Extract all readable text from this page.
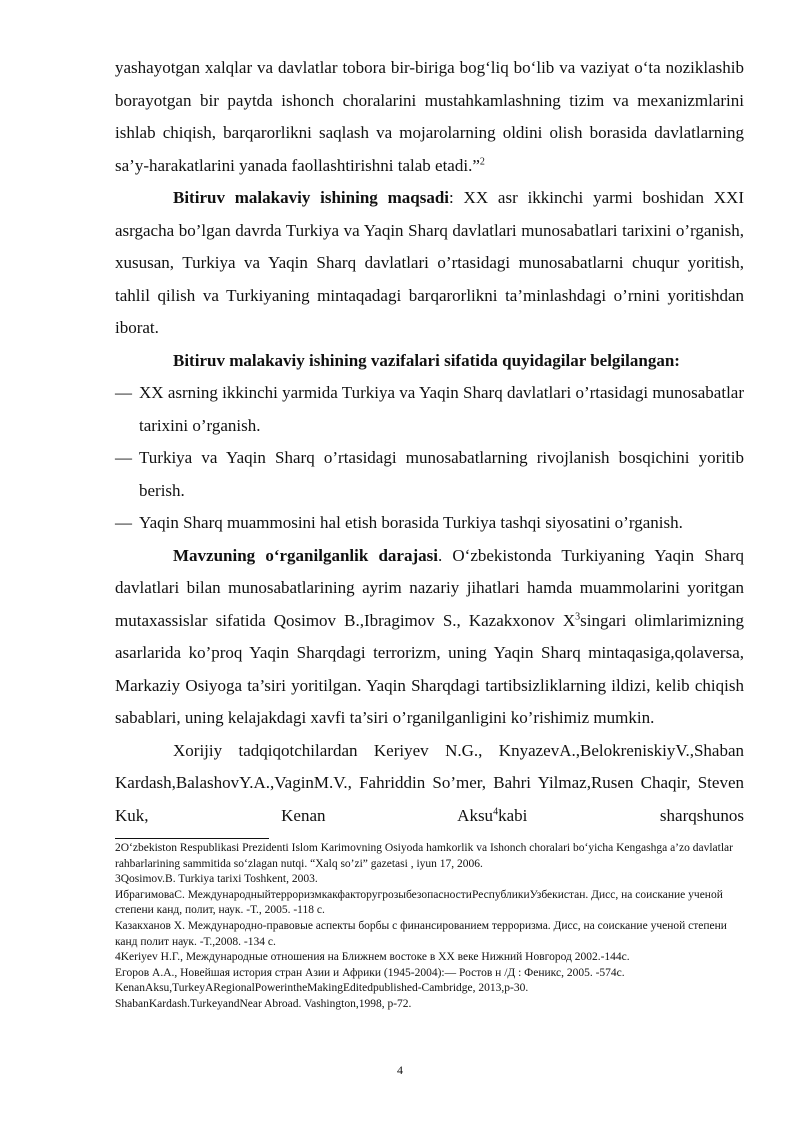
yashayotgan xalqlar va davlatlar tobora bir-biriga bog‘liq bo‘lib va vaziyat o‘ta noziklashib borayotgan bir paytda ishonch choralarini mustahkamlashning tizim va mexanizmlarini ishlab chiqish, barqarorlikni saqlash va mojarolarning oldini olish borasida davlatlarning sa’y-harakatlarini yanada faollashtirishni talab etadi.”$^2$

Bitiruv malakaviy ishining maqsadi: XX asr ikkinchi yarmi boshidan XXI asrgacha bo’lgan davrda Turkiya va Yaqin Sharq davlatlari munosabatlari tarixini o’rganish, xususan, Turkiya va Yaqin Sharq davlatlari o’rtasidagi munosabatlarni chuqur yoritish, tahlil qilish va Turkiyaning mintaqadagi barqarorlikni ta’minlashdagi o’rnini yoritishdan iborat.

Bitiruv malakaviy ishining vazifalari sifatida quyidagilar belgilangan:

— XX asrning ikkinchi yarmida Turkiya va Yaqin Sharq davlatlari o’rtasidagi munosabatlar tarixini o’rganish.
— Turkiya va Yaqin Sharq o’rtasidagi munosabatlarning rivojlanish bosqichini yoritib berish.
— Yaqin Sharq muammosini hal etish borasida Turkiya tashqi siyosatini o’rganish.

Mavzuning o‘rganilganlik darajasi. O‘zbekistonda Turkiyaning Yaqin Sharq davlatlari bilan munosabatlarining ayrim nazariy jihatlari hamda muammolarini yoritgan mutaxassislar sifatida Qosimov B.,Ibragimov S., Kazakxonov $X^3singari$ olimlarimizning asarlarida ko’proq Yaqin Sharqdagi terrorizm, uning Yaqin Sharq mintaqasiga,qolaversa, Markaziy Osiyoga ta’siri yoritilgan. Yaqin Sharqdagi tartibsizliklarning ildizi, kelib chiqish sabablari, uning kelajakdagi xavfi ta’siri o’rganilganligini ko’rishimiz mumkin.

Xorijiy tadqiqotchilardan Keriyev N.G., KnyazevA.,BelokreniskiyV.,Shaban Kardash,BalashovY.A.,VaginM.V., Fahriddin So’mer, Bahri Yilmaz,Rusen Chaqir, Steven Kuk, Kenan Aksu$^4$kabi sharqshunos

2O‘zbekiston Respublikasi Prezidenti Islom Karimovning Osiyoda hamkorlik va Ishonch choralari bo‘yicha Kengashga a’zo davlatlar rahbarlarining sammitida so‘zlagan nutqi. “Xalq so’zi” gazetasi , iyun 17, 2006.

3Qosimov.B. Turkiya tarixi Toshkent, 2003.

ИбрагимоваС. МеждународныйтерроризмкакфакторугрозыбезопасностиРеспубликиУзбекистан. Дисс, на соискание ученой степени канд, полит, наук. -Т., 2005. -118 с.

Казакханов Х. Международно-правовые аспекты борбы с финансированием терроризма. Дисс, на соискание ученой степени канд полит наук. -Т.,2008. -134 с.

4Keriyev Н.Г., Международные отношения на Ближнем востоке в XX веке Нижний Новгород 2002.-144с.

Егоров А.А., Новейшая история стран Азии и Африки (1945-2004):— Ростов н /Д : Феникс, 2005. -574с.

KenanAksu,TurkeyARegionalPowerintheMakingEditedpublished-Cambridge, 2013,p-30.

ShabanKardash.TurkeyandNear Abroad. Vashington,1998, p-72.

4
